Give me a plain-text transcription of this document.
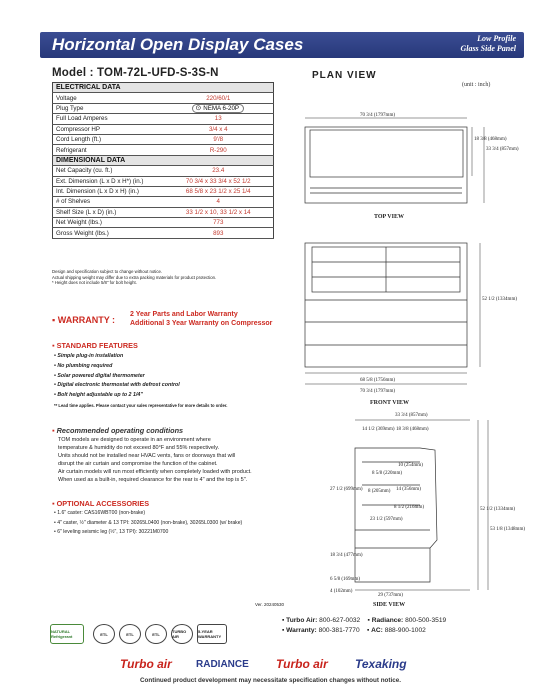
Horizontal Open Display Cases	Low Profile
Glass Side Panel
Model : TOM-72L-UFD-S-3S-N	PLAN VIEW
(unit : inch)
ELECTRICAL DATA	
Voltage	220/60/1
Plug Type	⊙ NEMA 6-20P

Full Load Amperes	13
Compressor HP	3/4 x 4
Cord Length (ft.)	9'/8
Refrigerant	R-290
DIMENSIONAL DATA	
Net Capacity (cu. ft.)	23.4
Ext. Dimension (L x D x H*) (in.)	70 3/4 x 33 3/4 x 52 1/2
Int. Dimension (L x D x H) (in.)	68 5/8 x 23 1/2 x 25 1/4
# of Shelves	4
Shelf Size (L x D) (in.)	33 1/2 x 10, 33 1/2 x 14
Net Weight (lbs.)	773
Gross Weight (lbs.)	893
Design and specification subject to change without notice.
Actual shipping weight may differ due to extra packing materials for product protection.
* Height does not include 5/8" for bolt height.
▪ WARRANTY :
2 Year Parts and Labor Warranty
Additional 3 Year Warranty on Compressor
▪ STANDARD FEATURES
• Simple plug-in installation
• No plumbing required
• Solar powered digital thermometer
• Digital electronic thermostat with defrost control
• Bolt height adjustable up to 2 1/4"
** Lead time applies. Please contact your sales representative for more details to order.
▪ Recommended operating conditions
TOM models are designed to operate in an environment where
temperature & humidity do not exceed 80°F and 55% respectively.
Units should not be installed near HVAC vents, fans or doorways that will
disrupt the air curtain and compromise the function of the cabinet.
Air curtain models will run most efficiently when completely loaded with product.
When used as a built-in, required clearance for the rear is 4" and the top is 5".
▪ OPTIONAL ACCESSORIES
• 1.6" caster: CAS16WBT00 (non-brake)
• 4" caster, ½" diameter & 13 TPI: 30265L0400 (non-brake), 30265L0300 (w/ brake)
• 6" leveling seismic leg (½", 13 TPI): 30221M0700
Ver. 20240530
70 3/4 (1797mm)
18 3/8 (468mm)
33 3/4 (857mm)
TOP VIEW
68 5/8 (1756mm)
70 3/4 (1797mm)
52 1/2 (1334mm)
FRONT VIEW
33 3/4 (857mm)
14 1/2 (369mm) 18 3/8 (468mm)
8 5/8 (220mm)
10 (254mm)
8 (205mm) 14 (356mm)
8 1/2 (216mm)
23 1/2 (597mm)
27 1/2 (699mm)
18 3/4 (477mm)
6 5/8 (169mm)
4 (102mm)
29 (737mm)
52 1/2 (1334mm)
53 1/8 (1348mm)
SIDE VIEW
NATURAL Refrigerant	ETL	ETL	ETL	TURBO AIR
5-YEAR WARRANTY
▪ Turbo Air: 800-627-0032    ▪ Radiance: 800-500-3519
▪ Warranty: 800-381-7770    ▪ AC: 888-900-1002
Turbo air RADIANCE Turbo air Texaking
Continued product development may necessitate specification changes without notice.
